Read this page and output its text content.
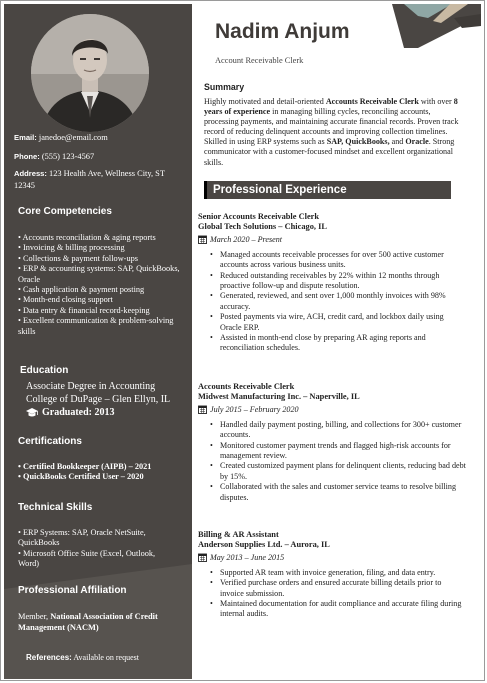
Email: janedoe@email.com
Phone: (555) 123-4567
Address: 123 Health Ave, Wellness City, ST 12345
Core Competencies
• Accounts reconciliation & aging reports
• Invoicing & billing processing
• Collections & payment follow-ups
• ERP & accounting systems: SAP, QuickBooks, Oracle
• Cash application & payment posting
• Month-end closing support
• Data entry & financial record-keeping
• Excellent communication & problem-solving skills
Education
Associate Degree in Accounting
College of DuPage – Glen Ellyn, IL
Graduated: 2013
Certifications
• Certified Bookkeeper (AIPB) – 2021
• QuickBooks Certified User – 2020
Technical Skills
• ERP Systems: SAP, Oracle NetSuite, QuickBooks
• Microsoft Office Suite (Excel, Outlook, Word)
Professional Affiliation
Member, National Association of Credit Management (NACM)
References: Available on request
Nadim Anjum
Account Receivable Clerk
Summary
Highly motivated and detail-oriented Accounts Receivable Clerk with over 8 years of experience in managing billing cycles, reconciling accounts, processing payments, and maintaining accurate financial records. Proven track record of reducing delinquent accounts and improving collection timelines. Skilled in using ERP systems such as SAP, QuickBooks, and Oracle. Strong communicator with a customer-focused mindset and excellent organizational skills.
Professional Experience
Senior Accounts Receivable Clerk
Global Tech Solutions – Chicago, IL
March 2020 – Present
• Managed accounts receivable processes for over 500 active customer accounts across various business units.
• Reduced outstanding receivables by 22% within 12 months through proactive follow-up and dispute resolution.
• Generated, reviewed, and sent over 1,000 monthly invoices with 98% accuracy.
• Posted payments via wire, ACH, credit card, and lockbox daily using Oracle ERP.
• Assisted in month-end close by preparing AR aging reports and reconciliation schedules.
Accounts Receivable Clerk
Midwest Manufacturing Inc. – Naperville, IL
July 2015 – February 2020
• Handled daily payment posting, billing, and collections for 300+ customer accounts.
• Monitored customer payment trends and flagged high-risk accounts for management review.
• Created customized payment plans for delinquent clients, reducing bad debt by 15%.
• Collaborated with the sales and customer service teams to resolve billing disputes.
Billing & AR Assistant
Anderson Supplies Ltd. – Aurora, IL
May 2013 – June 2015
• Supported AR team with invoice generation, filing, and data entry.
• Verified purchase orders and ensured accurate billing details prior to invoice submission.
• Maintained documentation for audit compliance and accurate filing during internal audits.
